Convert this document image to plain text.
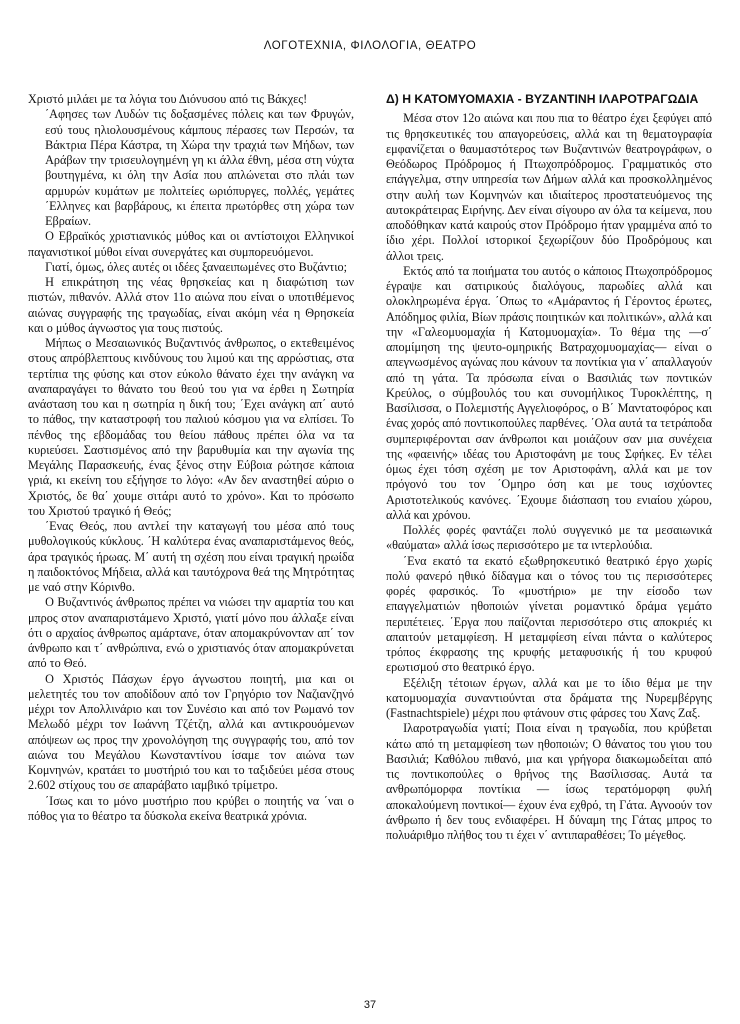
ΛΟΓΟΤΕΧΝΙΑ, ΦΙΛΟΛΟΓΙΑ, ΘΕΑΤΡΟ

Χριστό μιλάει με τα λόγια του Διόνυσου από τις Βάκχες!

΄Αφησες των Λυδών τις δοξασμένες πόλεις και των Φρυγών, εσύ τους ηλιολουσμένους κάμπους πέρασες των Περσών, τα Βάκτρια Πέρα Κάστρα, τη Χώρα την τραχιά των Μήδων, των Αράβων την τρισευλογημένη γη κι άλλα έθνη, μέσα στη νύχτα βουτηγμένα, κι όλη την Ασία που απλώνεται στο πλάι των αρμυρών κυμάτων με πολιτείες ωριόπυργες, πολλές, γεμάτες ΄Ελληνες και βαρβάρους, κι έπειτα πρωτόρθες στη χώρα των Εβραίων.

Ο Εβραϊκός χριστιανικός μύθος και οι αντίστοιχοι Ελληνικοί παγανιστικοί μύθοι είναι συνεργάτες και συμπορευόμενοι.

Γιατί, όμως, όλες αυτές οι ιδέες ξαναειπωμένες στο Βυζάντιο;

Η επικράτηση της νέας θρησκείας και η διαφώτιση των πιστών, πιθανόν. Αλλά στον 11ο αιώνα που είναι ο υποτιθέμενος αιώνας συγγραφής της τραγωδίας, είναι ακόμη νέα η Θρησκεία και ο μύθος άγνωστος για τους πιστούς.

Μήπως ο Μεσαιωνικός Βυζαντινός άνθρωπος, ο εκτεθειμένος στους απρόβλεπτους κινδύνους του λιμού και της αρρώστιας, στα τερτίπια της φύσης και στον εύκολο θάνατο έχει την ανάγκη να αναπαραγάγει το θάνατο του θεού του για να έρθει η Σωτηρία ανάσταση του και η σωτηρία η δική του; ΄Εχει ανάγκη απ΄ αυτό το πάθος, την καταστροφή του παλιού κόσμου για να ελπίσει. Το πένθος της εβδομάδας του θείου πάθους πρέπει όλα να τα κυριεύσει. Σαστισμένος από την βαρυθυμία και την αγωνία της Μεγάλης Παρασκευής, ένας ξένος στην Εύβοια ρώτησε κάποια γριά, κι εκείνη του εξήγησε το λόγο: «Αν δεν αναστηθεί αύριο ο Χριστός, δε θα΄ χουμε σιτάρι αυτό το χρόνο». Και το πρόσωπο του Χριστού τραγικό ή Θεός;

΄Ενας Θεός, που αντλεί την καταγωγή του μέσα από τους μυθολογικούς κύκλους. ΄Η καλύτερα ένας αναπαριστάμενος θεός, άρα τραγικός ήρωας. Μ΄ αυτή τη σχέση που είναι τραγική ηρωίδα η παιδοκτόνος Μήδεια, αλλά και ταυτόχρονα θεά της Μητρότητας με ναό στην Κόρινθο.

Ο Βυζαντινός άνθρωπος πρέπει να νιώσει την αμαρτία του και μπρος στον αναπαριστάμενο Χριστό, γιατί μόνο που άλλαξε είναι ότι ο αρχαίος άνθρωπος αμάρτανε, όταν απομακρύνονταν απ΄ τον άνθρωπο και τ΄ ανθρώπινα, ενώ ο χριστιανός όταν απομακρύνεται από το Θεό.

Ο Χριστός Πάσχων έργο άγνωστου ποιητή, μια και οι μελετητές του τον αποδίδουν από τον Γρηγόριο τον Ναζιανζηνό μέχρι τον Απολλινάριο και τον Συνέσιο και από τον Ρωμανό τον Μελωδό μέχρι τον Ιωάννη Τζέτζη, αλλά και αντικρουόμενων απόψεων ως προς την χρονολόγηση της συγγραφής του, από τον αιώνα του Μεγάλου Κωνσταντίνου ίσαμε τον αιώνα των Κομνηνών, κρατάει το μυστήριό του και το ταξιδεύει μέσα στους 2.602 στίχους του σε απαράβατο ιαμβικό τρίμετρο.

΄Ισως και το μόνο μυστήριο που κρύβει ο ποιητής να ΄ναι ο πόθος για το θέατρο τα δύσκολα εκείνα θεατρικά χρόνια.

Δ) Η ΚΑΤΟΜΥΟΜΑΧΙΑ - ΒΥΖΑΝΤΙΝΗ ΙΛΑΡΟΤΡΑΓΩΔΙΑ

Μέσα στον 12ο αιώνα και που πια το θέατρο έχει ξεφύγει από τις θρησκευτικές του απαγορεύσεις, αλλά και τη θεματογραφία εμφανίζεται ο θαυμαστότερος των Βυζαντινών θεατρογράφων, ο Θεόδωρος Πρόδρομος ή Πτωχοπρόδρομος. Γραμματικός στο επάγγελμα, στην υπηρεσία των Δήμων αλλά και προσκολλημένος στην αυλή των Κομνηνών και ιδιαίτερος προστατευόμενος της αυτοκράτειρας Ειρήνης. Δεν είναι σίγουρο αν όλα τα κείμενα, που αποδόθηκαν κατά καιρούς στον Πρόδρομο ήταν γραμμένα από το ίδιο χέρι. Πολλοί ιστορικοί ξεχωρίζουν δύο Προδρόμους και άλλοι τρεις.

Εκτός από τα ποιήματα του αυτός ο κάποιος Πτωχοπρόδρομος έγραψε και σατιρικούς διαλόγους, παρωδίες αλλά και ολοκληρωμένα έργα. ΄Οπως το «Αμάραντος ή Γέροντος έρωτες, Απόδημος φιλία, Βίων πράσις ποιητικών και πολιτικών», αλλά και την «Γαλεομυομαχία ή Κατομυομαχία». Το θέμα της —σ΄ απομίμηση της ψευτο-ομηρικής Βατραχομυομαχίας— είναι ο απεγνωσμένος αγώνας που κάνουν τα ποντίκια για ν΄ απαλλαγούν από τη γάτα. Τα πρόσωπα είναι ο Βασιλιάς των ποντικών Κρεύλος, ο σύμβουλός του και συνομήλικος Τυροκλέπτης, η Βασίλισσα, ο Πολεμιστής Αγγελιοφόρος, ο Β΄ Μαντατοφόρος και ένας χορός από ποντικοπούλες παρθένες. ΄Ολα αυτά τα τετράποδα συμπεριφέρονται σαν άνθρωποι και μοιάζουν σαν μια συνέχεια της «φαεινής» ιδέας του Αριστοφάνη με τους Σφήκες. Εν τέλει όμως έχει τόση σχέση με τον Αριστοφάνη, αλλά και με τον πρόγονό του τον ΄Ομηρο όση και με τους ισχύοντες Αριστοτελικούς κανόνες. ΄Εχουμε διάσπαση του ενιαίου χώρου, αλλά και χρόνου.

Πολλές φορές φαντάζει πολύ συγγενικό με τα μεσαιωνικά «θαύματα» αλλά ίσως περισσότερο με τα ιντερλούδια.

΄Ενα εκατό τα εκατό εξωθρησκευτικό θεατρικό έργο χωρίς πολύ φανερό ηθικό δίδαγμα και ο τόνος του τις περισσότερες φορές φαρσικός. Το «μυστήριο» με την είσοδο των επαγγελματιών ηθοποιών γίνεται ρομαντικό δράμα γεμάτο περιπέτειες. ΄Εργα που παίζονται περισσότερο στις αποκριές κι απαιτούν μεταμφίεση. Η μεταμφίεση είναι πάντα ο καλύτερος τρόπος έκφρασης της κρυφής μεταφυσικής ή του κρυφού ερωτισμού στο θεατρικό έργο.

Εξέλιξη τέτοιων έργων, αλλά και με το ίδιο θέμα με την κατομυομαχία συναντιούνται στα δράματα της Νυρεμβέργης (Fastnachtspiele) μέχρι που φτάνουν στις φάρσες του Χανς Ζαξ.

Ιλαροτραγωδία γιατί; Ποια είναι η τραγωδία, που κρύβεται κάτω από τη μεταμφίεση των ηθοποιών; Ο θάνατος του γιου του Βασιλιά; Καθόλου πιθανό, μια και γρήγορα διακωμωδείται από τις ποντικοπούλες ο θρήνος της Βασίλισσας. Αυτά τα ανθρωπόμορφα ποντίκια — ίσως τερατόμορφη φυλή αποκαλούμενη ποντικοί— έχουν ένα εχθρό, τη Γάτα. Αγνοούν τον άνθρωπο ή δεν τους ενδιαφέρει. Η δύναμη της Γάτας μπρος το πολυάριθμο πλήθος του τι έχει ν΄ αντιπαραθέσει; Το μέγεθος.

37
